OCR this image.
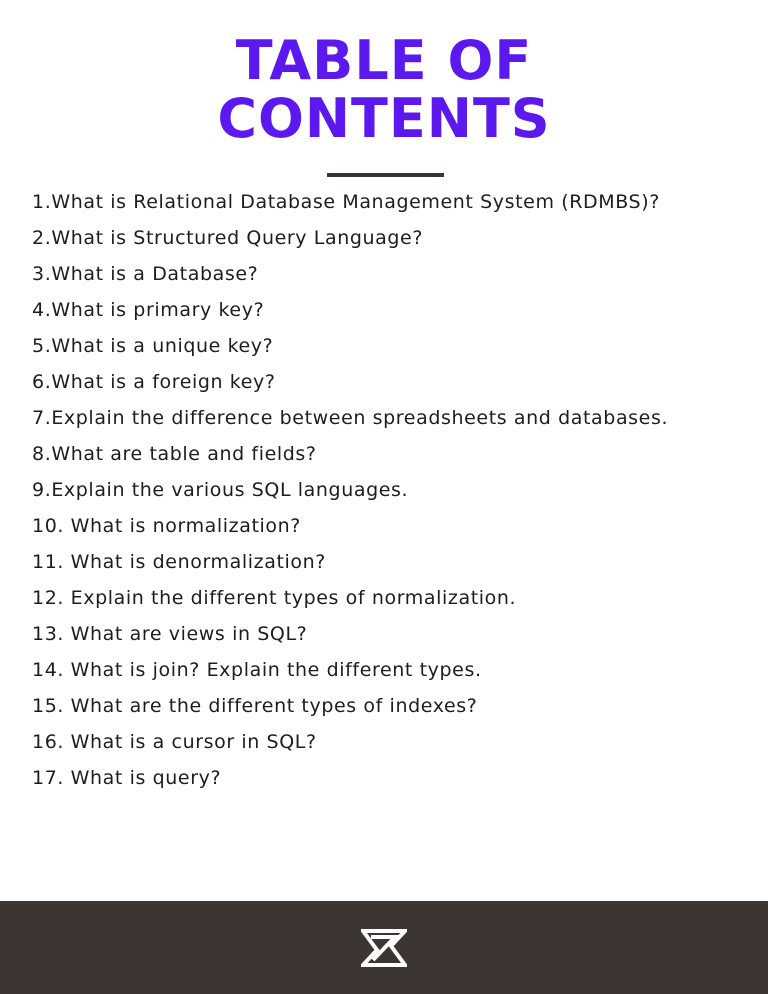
TABLE OF
CONTENTS
1.What is Relational Database Management System (RDMBS)?
2.What is Structured Query Language?
3.What is a Database?
4.What is primary key?
5.What is a unique key?
6.What is a foreign key?
7.Explain the difference between spreadsheets and databases.
8.What are table and fields?
9.Explain the various SQL languages.
10. What is normalization?
11. What is denormalization?
12. Explain the different types of normalization.
13. What are views in SQL?
14. What is join? Explain the different types.
15. What are the different types of indexes?
16. What is a cursor in SQL?
17. What is query?
